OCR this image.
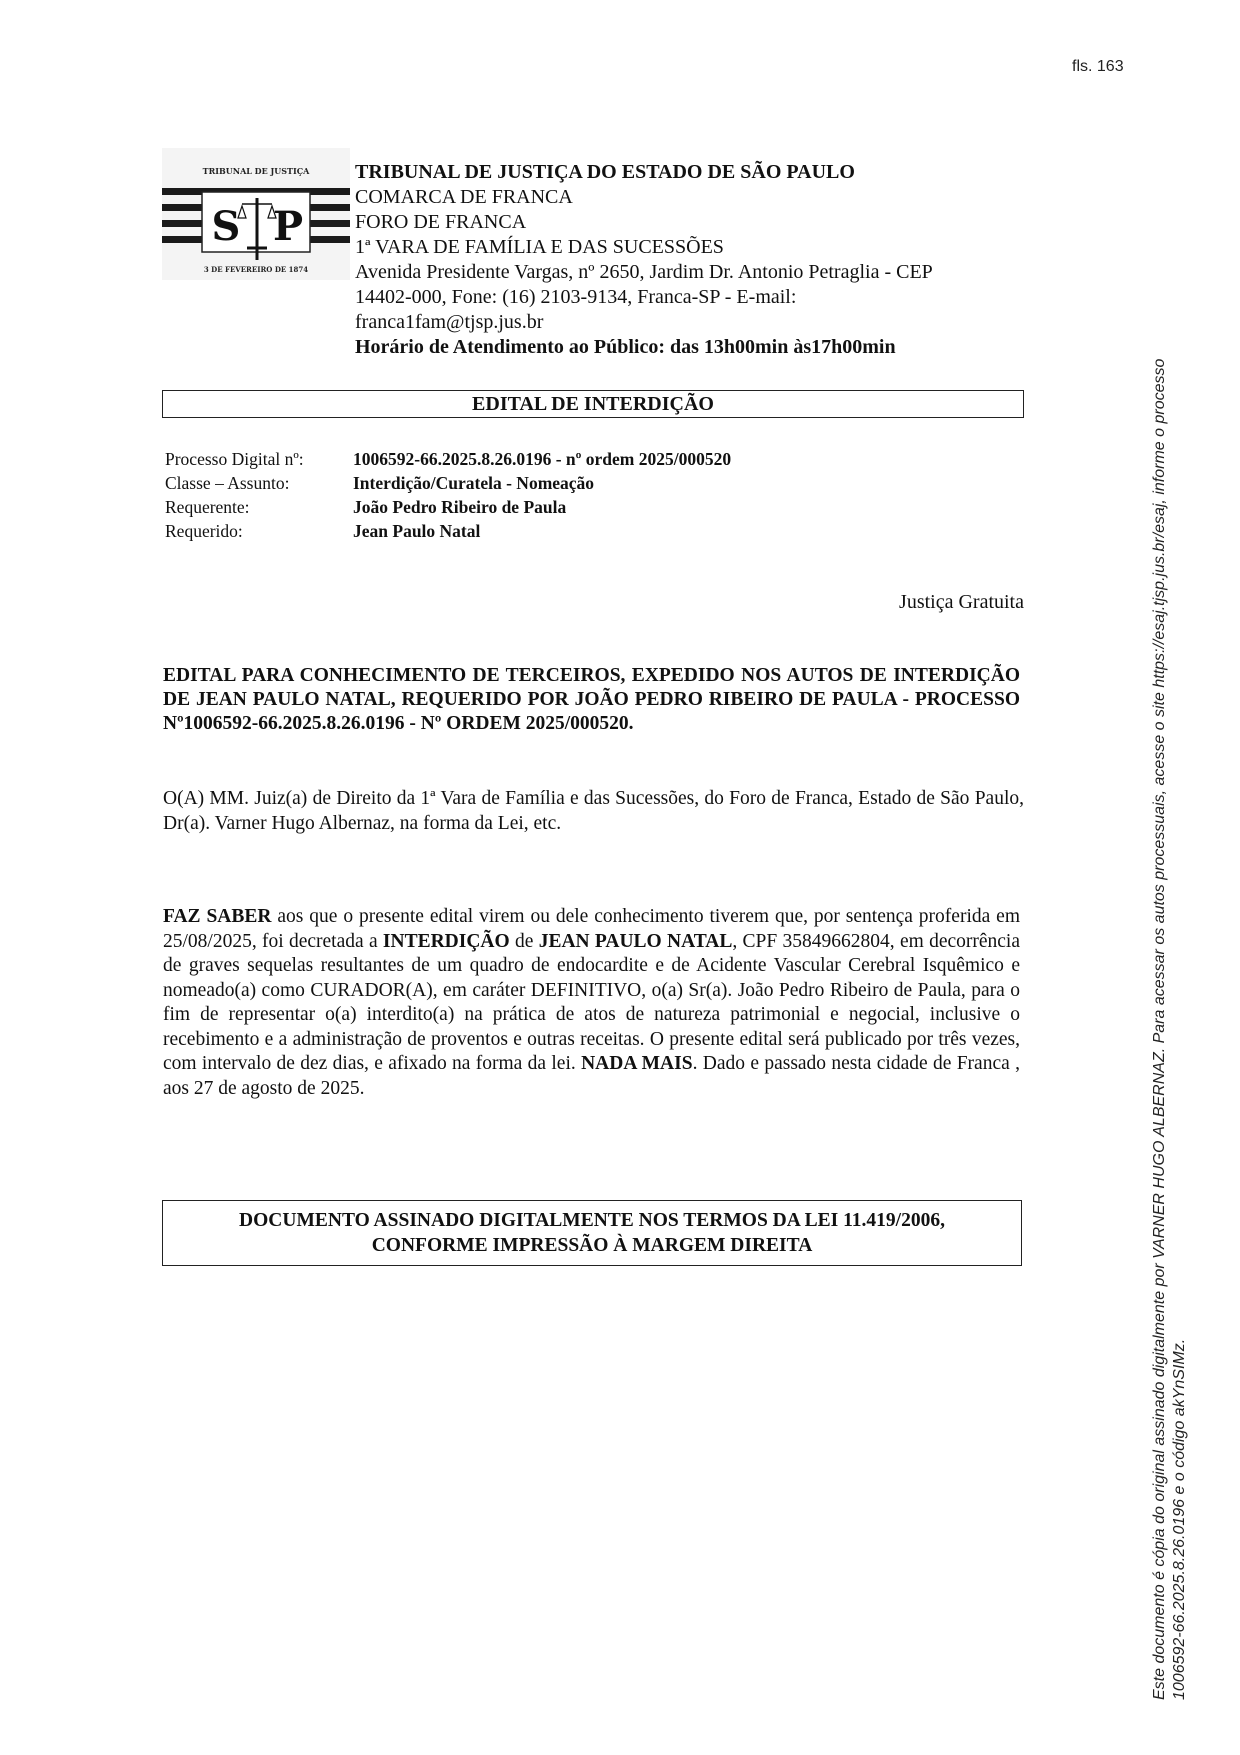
fls. 163
TRIBUNAL DE JUSTIÇA
S P
3 DE FEVEREIRO DE 1874
TRIBUNAL DE JUSTIÇA DO ESTADO DE SÃO PAULO
COMARCA DE FRANCA
FORO DE FRANCA
1ª VARA DE FAMÍLIA E DAS SUCESSÕES
Avenida Presidente Vargas, nº 2650, Jardim Dr. Antonio Petraglia - CEP
14402-000, Fone: (16) 2103-9134, Franca-SP - E-mail:
franca1fam@tjsp.jus.br
Horário de Atendimento ao Público: das 13h00min às17h00min
EDITAL DE INTERDIÇÃO
Processo Digital nº:	1006592-66.2025.8.26.0196 - nº ordem 2025/000520
Classe – Assunto:	Interdição/Curatela - Nomeação
Requerente:	João Pedro Ribeiro de Paula
Requerido:	Jean Paulo Natal
Justiça Gratuita
EDITAL PARA CONHECIMENTO DE TERCEIROS, EXPEDIDO NOS AUTOS DE INTERDIÇÃO DE JEAN PAULO NATAL, REQUERIDO POR JOÃO PEDRO RIBEIRO DE PAULA - PROCESSO Nº1006592-66.2025.8.26.0196 - Nº ORDEM 2025/000520.
O(A) MM. Juiz(a) de Direito da 1ª Vara de Família e das Sucessões, do Foro de Franca, Estado de São Paulo, Dr(a). Varner Hugo Albernaz, na forma da Lei, etc.
FAZ SABER aos que o presente edital virem ou dele conhecimento tiverem que, por sentença proferida em 25/08/2025, foi decretada a INTERDIÇÃO de JEAN PAULO NATAL, CPF 35849662804, em decorrência de graves sequelas resultantes de um quadro de endocardite e de Acidente Vascular Cerebral Isquêmico e nomeado(a) como CURADOR(A), em caráter DEFINITIVO, o(a) Sr(a). João Pedro Ribeiro de Paula, para o fim de representar o(a) interdito(a) na prática de atos de natureza patrimonial e negocial, inclusive o recebimento e a administração de proventos e outras receitas. O presente edital será publicado por três vezes, com intervalo de dez dias, e afixado na forma da lei. NADA MAIS. Dado e passado nesta cidade de Franca , aos 27 de agosto de 2025.
DOCUMENTO ASSINADO DIGITALMENTE NOS TERMOS DA LEI 11.419/2006,
CONFORME IMPRESSÃO À MARGEM DIREITA	Este documento é cópia do original assinado digitalmente por VARNER HUGO ALBERNAZ. Para acessar os autos processuais, acesse o site https://esaj.tjsp.jus.br/esaj, informe o processo 1006592-66.2025.8.26.0196 e o código akYnSIMz.
